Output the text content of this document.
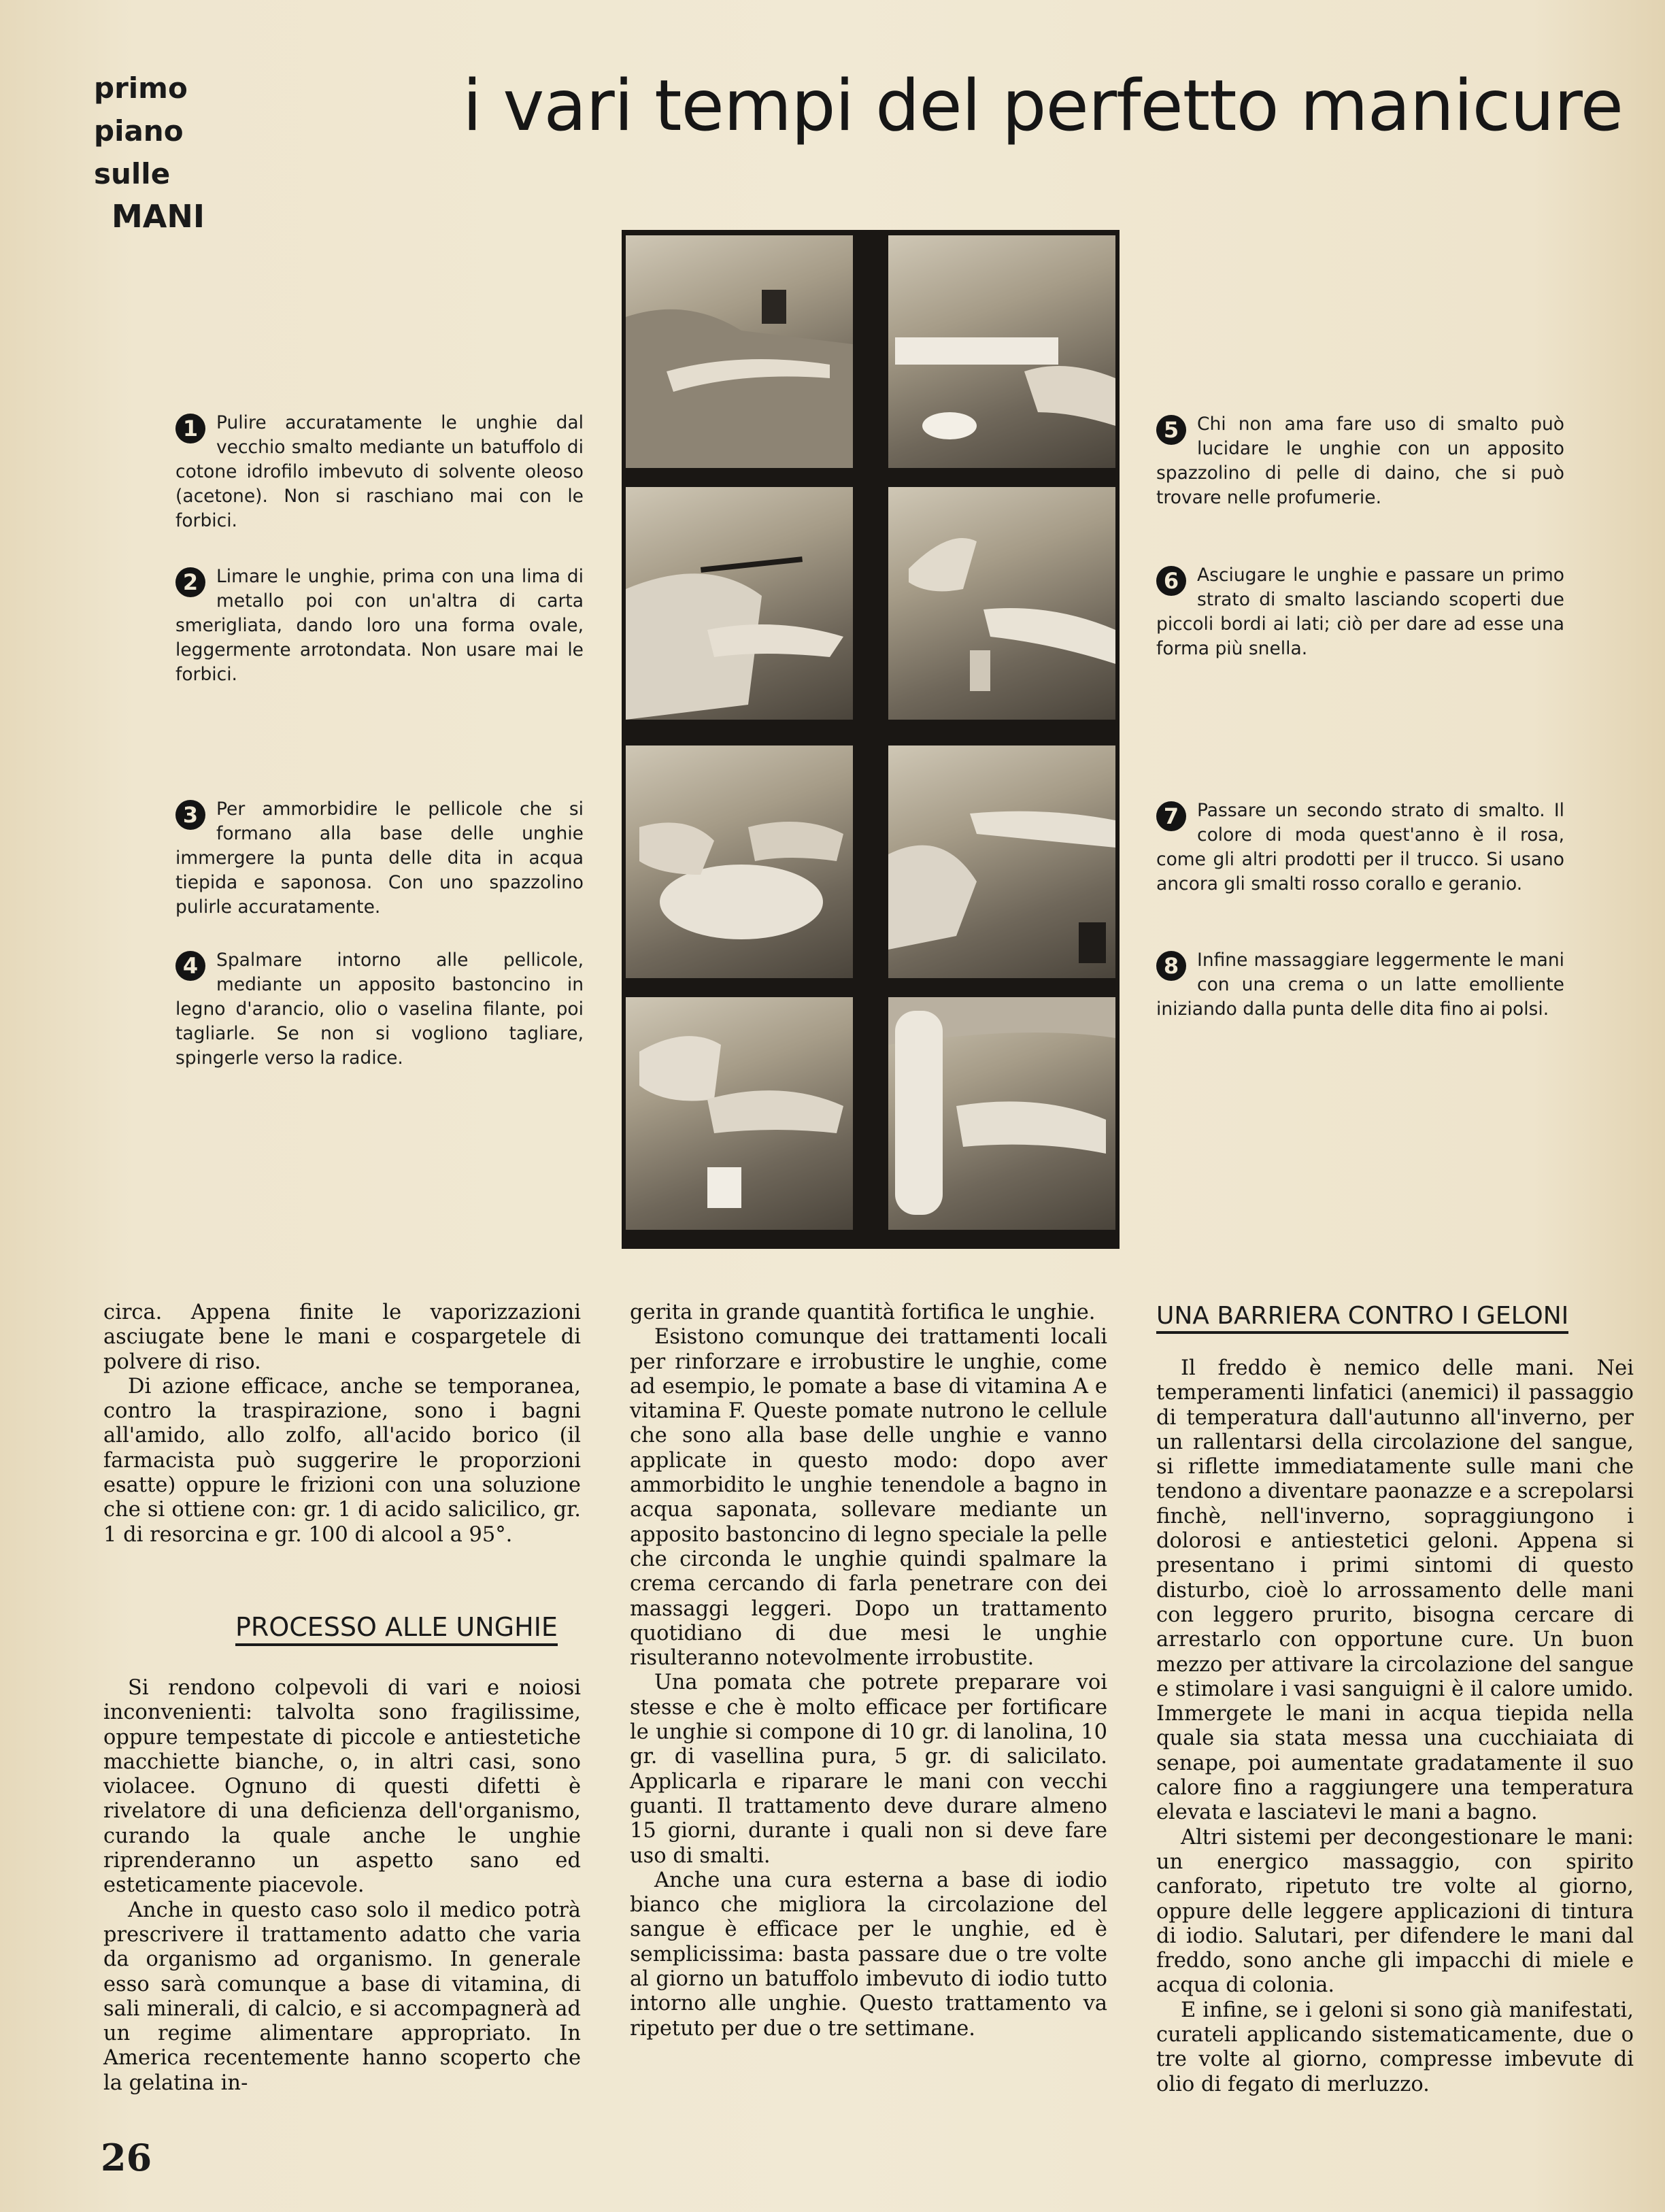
primo
piano
sulle
MANI
i vari tempi del perfetto manicure
1	Pulire accuratamente le unghie dal vecchio smalto mediante un batuffolo di cotone idrofilo imbevuto di solvente oleoso (acetone). Non si raschiano mai con le forbici.
2	Limare le unghie, prima con una lima di metallo poi con un'altra di carta smerigliata, dando loro una forma ovale, leggermente arrotondata. Non usare mai le forbici.
3	Per ammorbidire le pellicole che si formano alla base delle unghie immergere la punta delle dita in acqua tiepida e saponosa. Con uno spazzolino pulirle accuratamente.
4	Spalmare intorno alle pellicole, mediante un apposito bastoncino in legno d'arancio, olio o vaselina filante, poi tagliarle. Se non si vogliono tagliare, spingerle verso la radice.
5	Chi non ama fare uso di smalto può lucidare le unghie con un apposito spazzolino di pelle di daino, che si può trovare nelle profumerie.
6	Asciugare le unghie e passare un primo strato di smalto lasciando scoperti due piccoli bordi ai lati; ciò per dare ad esse una forma più snella.
7	Passare un secondo strato di smalto. Il colore di moda quest'anno è il rosa, come gli altri prodotti per il trucco. Si usano ancora gli smalti rosso corallo e geranio.
8	Infine massaggiare leggermente le mani con una crema o un latte emolliente iniziando dalla punta delle dita fino ai polsi.

circa. Appena finite le vaporizzazioni asciugate bene le mani e cospargetele di polvere di riso.

Di azione efficace, anche se temporanea, contro la traspirazione, sono i bagni all'amido, allo zolfo, all'acido borico (il farmacista può suggerire le proporzioni esatte) oppure le frizioni con una soluzione che si ottiene con: gr. 1 di acido salicilico, gr. 1 di resorcina e gr. 100 di alcool a 95°.

PROCESSO ALLE UNGHIE

Si rendono colpevoli di vari e noiosi inconvenienti: talvolta sono fragilissime, oppure tempestate di piccole e antiestetiche macchiette bianche, o, in altri casi, sono violacee. Ognuno di questi difetti è rivelatore di una deficienza dell'organismo, curando la quale anche le unghie riprenderanno un aspetto sano ed esteticamente piacevole.

Anche in questo caso solo il medico potrà prescrivere il trattamento adatto che varia da organismo ad organismo. In generale esso sarà comunque a base di vitamina, di sali minerali, di calcio, e si accompagnerà ad un regime alimentare appropriato. In America recentemente hanno scoperto che la gelatina in-

gerita in grande quantità fortifica le unghie.

Esistono comunque dei trattamenti locali per rinforzare e irrobustire le unghie, come ad esempio, le pomate a base di vitamina A e vitamina F. Queste pomate nutrono le cellule che sono alla base delle unghie e vanno applicate in questo modo: dopo aver ammorbidito le unghie tenendole a bagno in acqua saponata, sollevare mediante un apposito bastoncino di legno speciale la pelle che circonda le unghie quindi spalmare la crema cercando di farla penetrare con dei massaggi leggeri. Dopo un trattamento quotidiano di due mesi le unghie risulteranno notevolmente irrobustite.

Una pomata che potrete preparare voi stesse e che è molto efficace per fortificare le unghie si compone di 10 gr. di lanolina, 10 gr. di vasellina pura, 5 gr. di salicilato. Applicarla e riparare le mani con vecchi guanti. Il trattamento deve durare almeno 15 giorni, durante i quali non si deve fare uso di smalti.

Anche una cura esterna a base di iodio bianco che migliora la circolazione del sangue è efficace per le unghie, ed è semplicissima: basta passare due o tre volte al giorno un batuffolo imbevuto di iodio tutto intorno alle unghie. Questo trattamento va ripetuto per due o tre settimane.

UNA BARRIERA CONTRO I GELONI

Il freddo è nemico delle mani. Nei temperamenti linfatici (anemici) il passaggio di temperatura dall'autunno all'inverno, per un rallentarsi della circolazione del sangue, si riflette immediatamente sulle mani che tendono a diventare paonazze e a screpolarsi finchè, nell'inverno, sopraggiungono i dolorosi e antiestetici geloni. Appena si presentano i primi sintomi di questo disturbo, cioè lo arrossamento delle mani con leggero prurito, bisogna cercare di arrestarlo con opportune cure. Un buon mezzo per attivare la circolazione del sangue e stimolare i vasi sanguigni è il calore umido. Immergete le mani in acqua tiepida nella quale sia stata messa una cucchiaiata di senape, poi aumentate gradatamente il suo calore fino a raggiungere una temperatura elevata e lasciatevi le mani a bagno.

Altri sistemi per decongestionare le mani: un energico massaggio, con spirito canforato, ripetuto tre volte al giorno, oppure delle leggere applicazioni di tintura di iodio. Salutari, per difendere le mani dal freddo, sono anche gli impacchi di miele e acqua di colonia.

E infine, se i geloni si sono già manifestati, curateli applicando sistematicamente, due o tre volte al giorno, compresse imbevute di olio di fegato di merluzzo.

26
